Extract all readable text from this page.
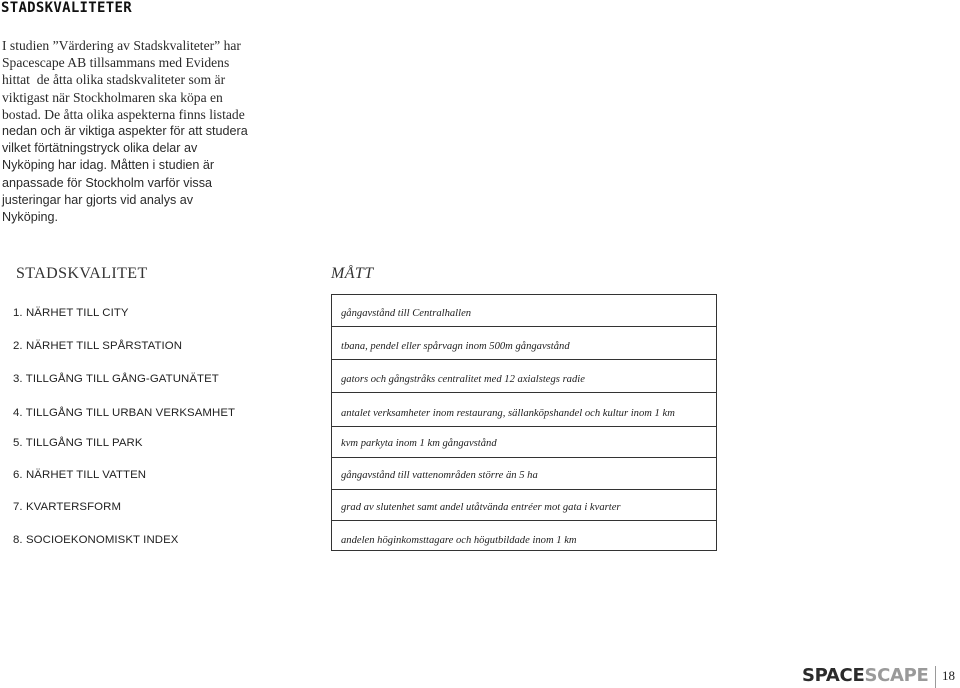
STADSKVALITETER
I studien ”Värdering av Stadskvaliteter” har
Spacescape AB tillsammans med Evidens
hittat  de åtta olika stadskvaliteter som är
viktigast när Stockholmaren ska köpa en
bostad. De åtta olika aspekterna finns listade
nedan och är viktiga aspekter för att studera
vilket förtätningstryck olika delar av
Nyköping har idag. Måtten i studien är
anpassade för Stockholm varför vissa
justeringar har gjorts vid analys av
Nyköping.
STADSKVALITET	MÅTT
1. NÄRHET TILL CITY	gångavstånd till Centralhallen
2. NÄRHET TILL SPÅRSTATION	tbana, pendel eller spårvagn inom 500m gångavstånd
3. TILLGÅNG TILL GÅNG-GATUNÄTET	gators och gångstråks centralitet med 12 axialstegs radie
4. TILLGÅNG TILL URBAN VERKSAMHET	antalet verksamheter inom restaurang, sällanköpshandel och kultur inom 1 km
5. TILLGÅNG TILL PARK	kvm parkyta inom 1 km gångavstånd
6. NÄRHET TILL VATTEN	gångavstånd till vattenområden större än 5 ha
7. KVARTERSFORM	grad av slutenhet samt andel utåtvända entréer mot gata i kvarter
8. SOCIOEKONOMISKT INDEX	andelen höginkomsttagare och högutbildade inom 1 km
SPACESCAPE 18
